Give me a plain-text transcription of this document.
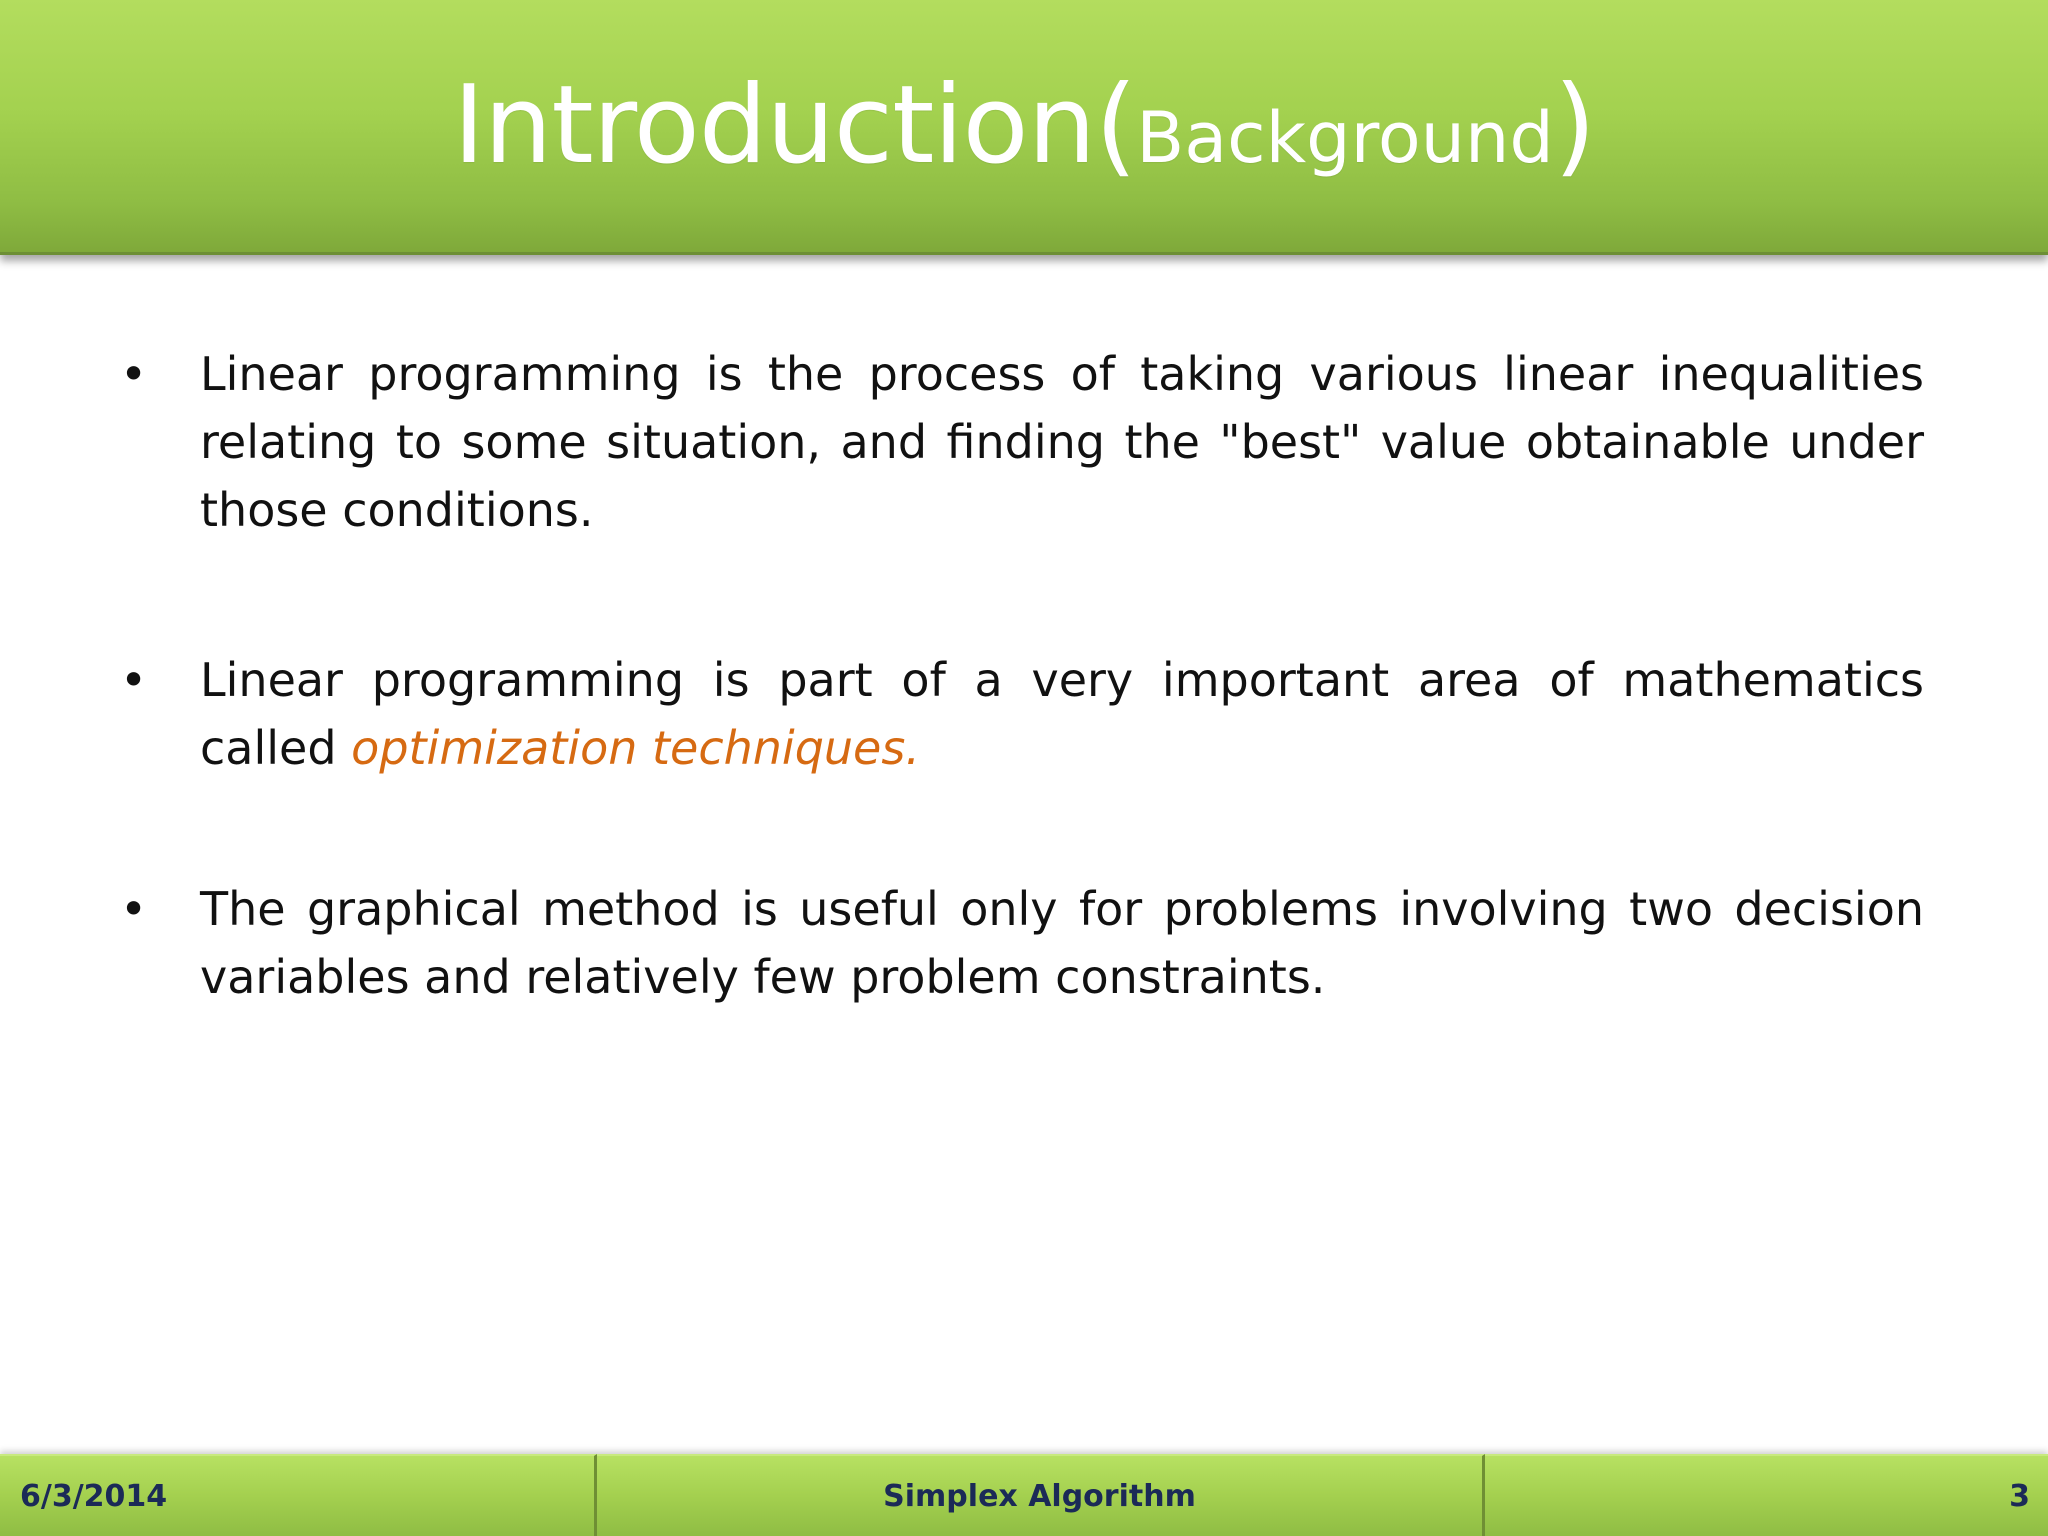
Introduction(Background)
• Linear programming is the process of taking various linear inequalities relating to some situation, and finding the "best" value obtainable under those conditions.
• Linear programming is part of a very important area of mathematics called optimization techniques.
• The graphical method is useful only for problems involving two decision variables and relatively few problem constraints.
6/3/2014	Simplex Algorithm	3
